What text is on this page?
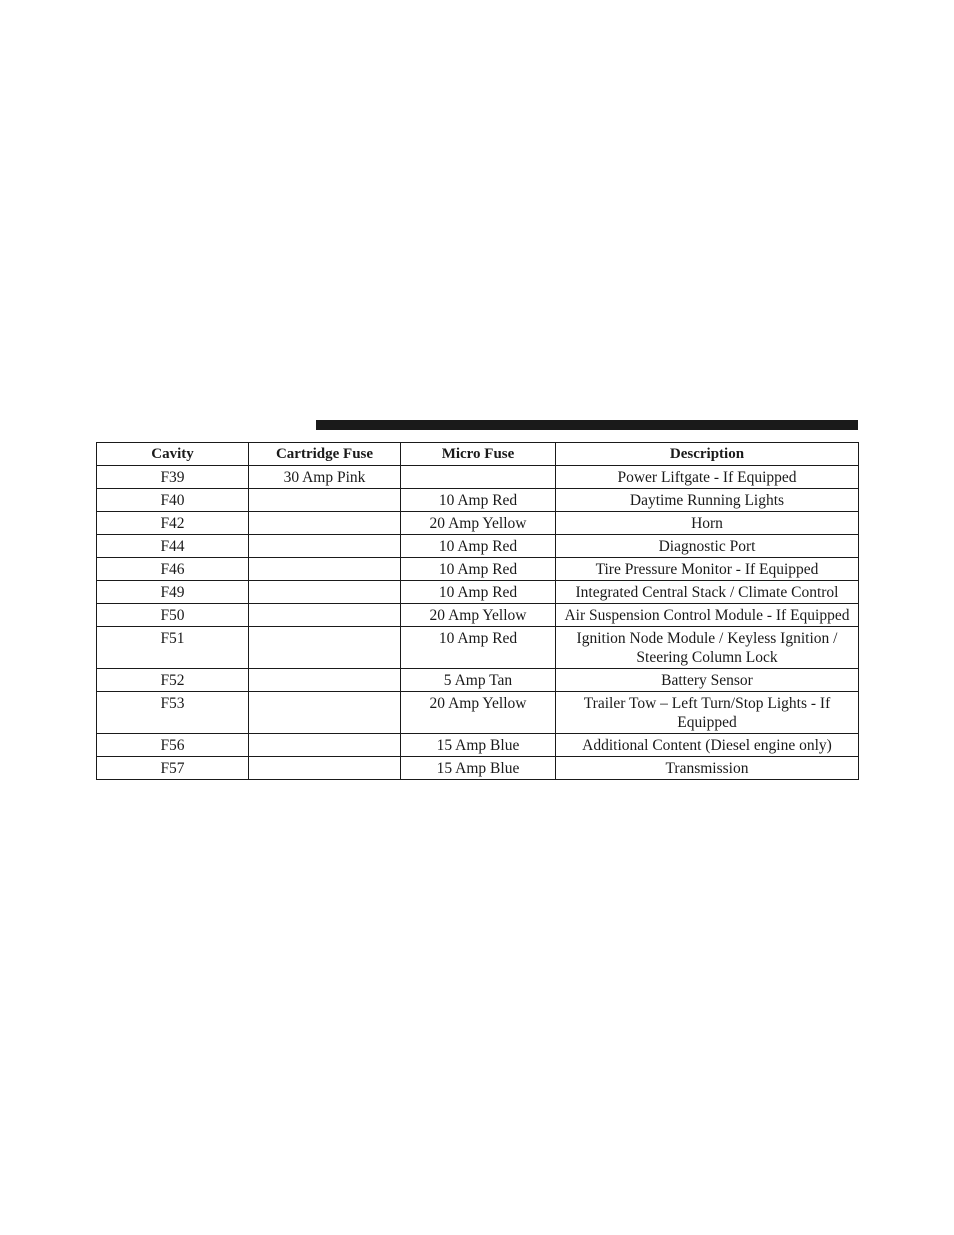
Cavity	Cartridge Fuse	Micro Fuse	Description
F39	30 Amp Pink		Power Liftgate - If Equipped
F40		10 Amp Red	Daytime Running Lights
F42		20 Amp Yellow	Horn
F44		10 Amp Red	Diagnostic Port
F46		10 Amp Red	Tire Pressure Monitor - If Equipped
F49		10 Amp Red	Integrated Central Stack / Climate Control
F50		20 Amp Yellow	Air Suspension Control Module - If Equipped
F51		10 Amp Red	Ignition Node Module / Keyless Ignition / Steering Column Lock
F52		5 Amp Tan	Battery Sensor
F53		20 Amp Yellow	Trailer Tow – Left Turn/Stop Lights - If Equipped
F56		15 Amp Blue	Additional Content (Diesel engine only)
F57		15 Amp Blue	Transmission
